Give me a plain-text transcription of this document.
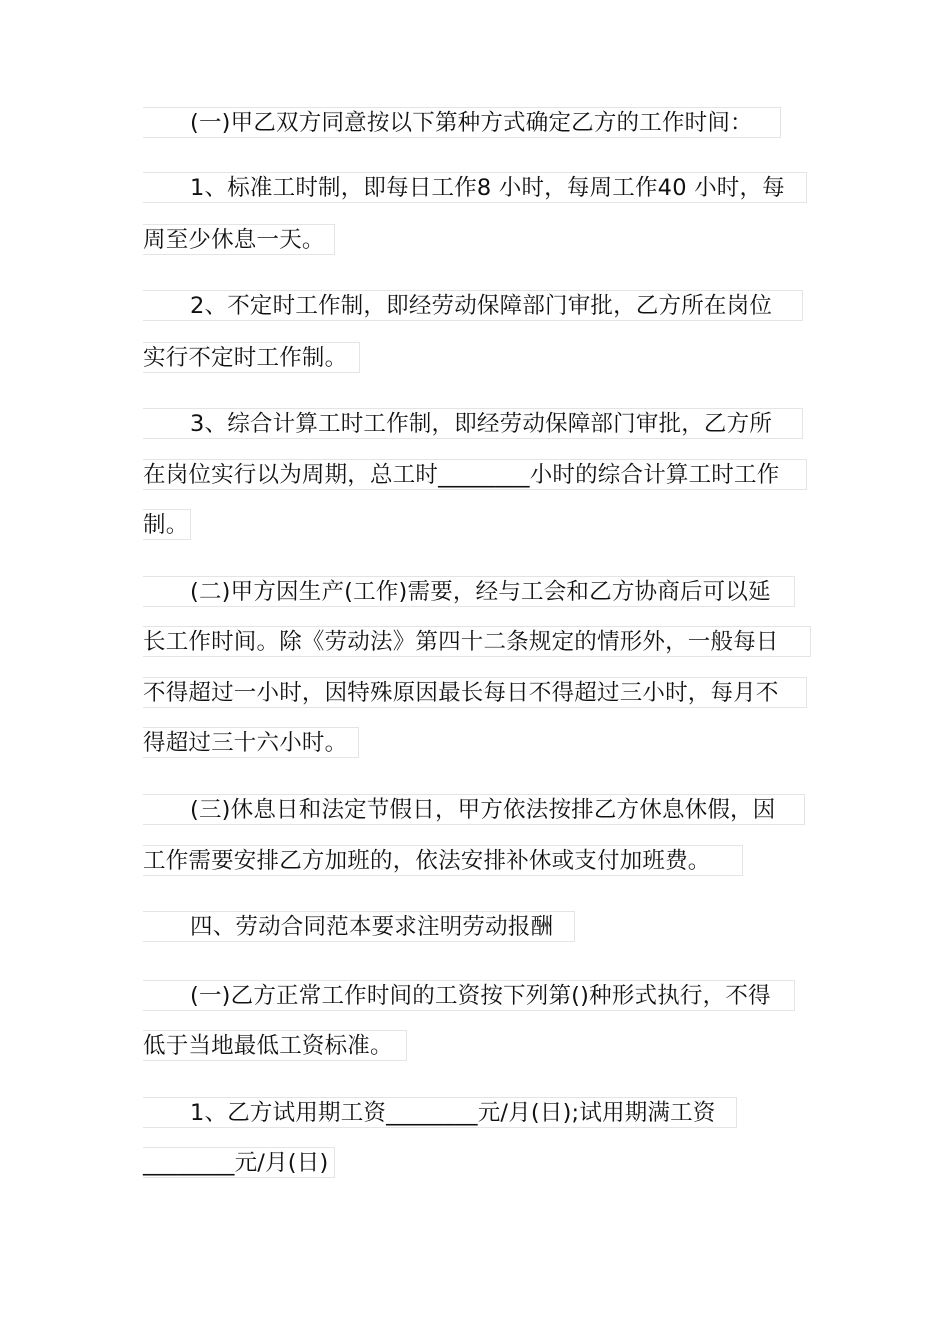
(一)甲乙双方同意按以下第种方式确定乙方的工作时间：
1、标准工时制，即每日工作8 小时，每周工作40 小时，每
周至少休息一天。
2、不定时工作制，即经劳动保障部门审批，乙方所在岗位
实行不定时工作制。
3、综合计算工时工作制，即经劳动保障部门审批，乙方所
在岗位实行以为周期，总工时________小时的综合计算工时工作
制。
(二)甲方因生产(工作)需要，经与工会和乙方协商后可以延
长工作时间。除《劳动法》第四十二条规定的情形外，一般每日
不得超过一小时，因特殊原因最长每日不得超过三小时，每月不
得超过三十六小时。
(三)休息日和法定节假日，甲方依法按排乙方休息休假，因
工作需要安排乙方加班的，依法安排补休或支付加班费。
四、劳动合同范本要求注明劳动报酬
(一)乙方正常工作时间的工资按下列第()种形式执行，不得
低于当地最低工资标准。
1、乙方试用期工资________元/月(日);试用期满工资
________元/月(日)
